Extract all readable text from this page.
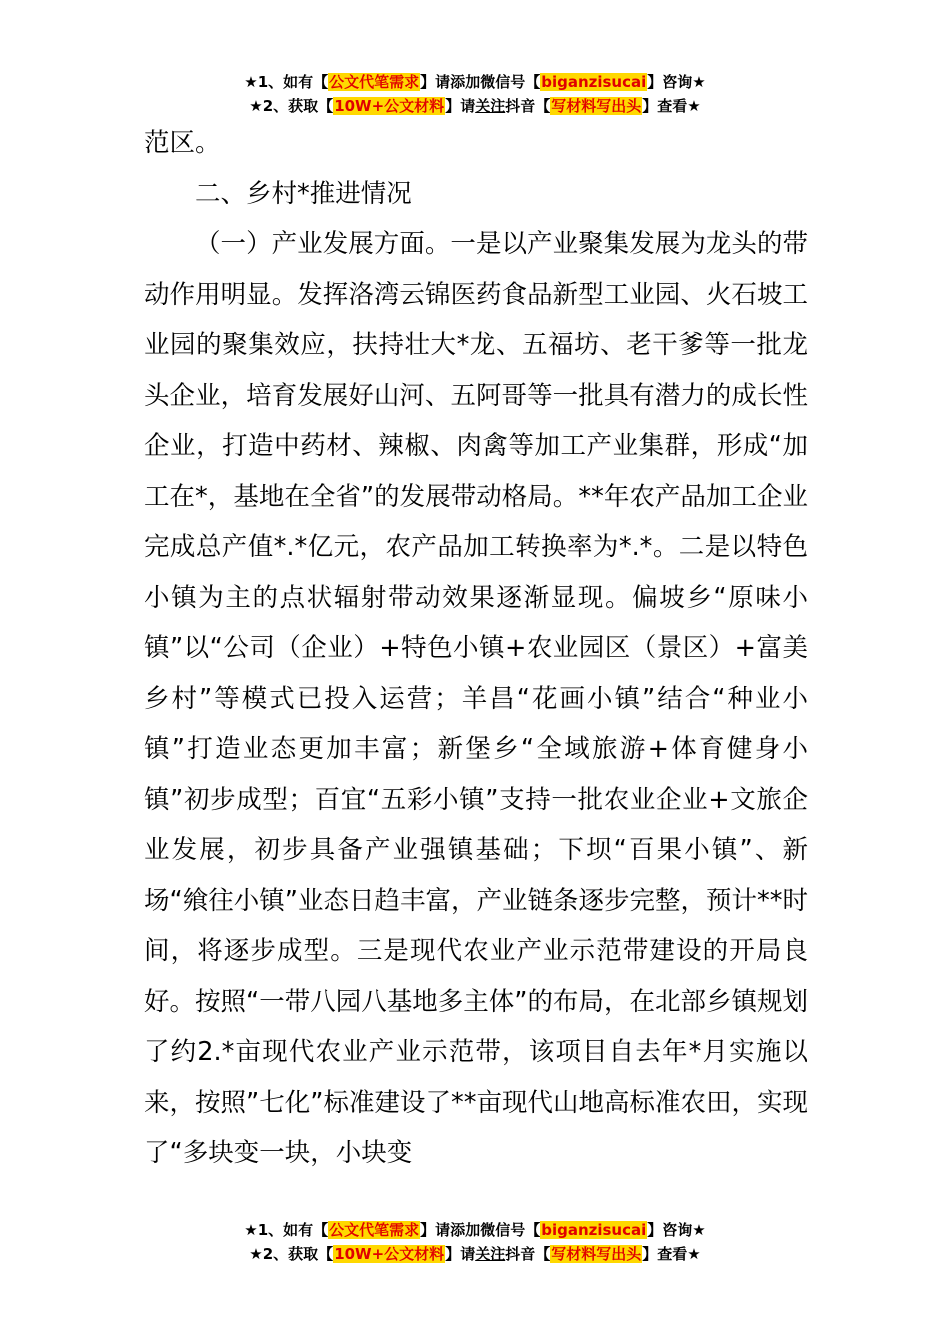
★1、如有【公文代笔需求】请添加微信号【biganzisucai】咨询★
★2、获取【10W+公文材料】请关注抖音【写材料写出头】查看★

范区。

二、乡村*推进情况

（一）产业发展方面。一是以产业聚集发展为龙头的带动作用明显。发挥洛湾云锦医药食品新型工业园、火石坡工业园的聚集效应，扶持壮大*龙、五福坊、老干爹等一批龙头企业，培育发展好山河、五阿哥等一批具有潜力的成长性企业，打造中药材、辣椒、肉禽等加工产业集群，形成“加工在*，基地在全省”的发展带动格局。**年农产品加工企业完成总产值*.*亿元，农产品加工转换率为*.*。二是以特色小镇为主的点状辐射带动效果逐渐显现。偏坡乡“原味小镇”以“公司（企业）+特色小镇+农业园区（景区）+富美乡村”等模式已投入运营；羊昌“花画小镇”结合“种业小镇”打造业态更加丰富；新堡乡“全域旅游+体育健身小镇”初步成型；百宜“五彩小镇”支持一批农业企业+文旅企业发展，初步具备产业强镇基础；下坝“百果小镇”、新场“飨往小镇”业态日趋丰富，产业链条逐步完整，预计**时间，将逐步成型。三是现代农业产业示范带建设的开局良好。按照“一带八园八基地多主体”的布局，在北部乡镇规划了约2.*亩现代农业产业示范带，该项目自去年*月实施以来，按照”七化”标准建设了**亩现代山地高标准农田，实现了“多块变一块，小块变

★1、如有【公文代笔需求】请添加微信号【biganzisucai】咨询★
★2、获取【10W+公文材料】请关注抖音【写材料写出头】查看★
